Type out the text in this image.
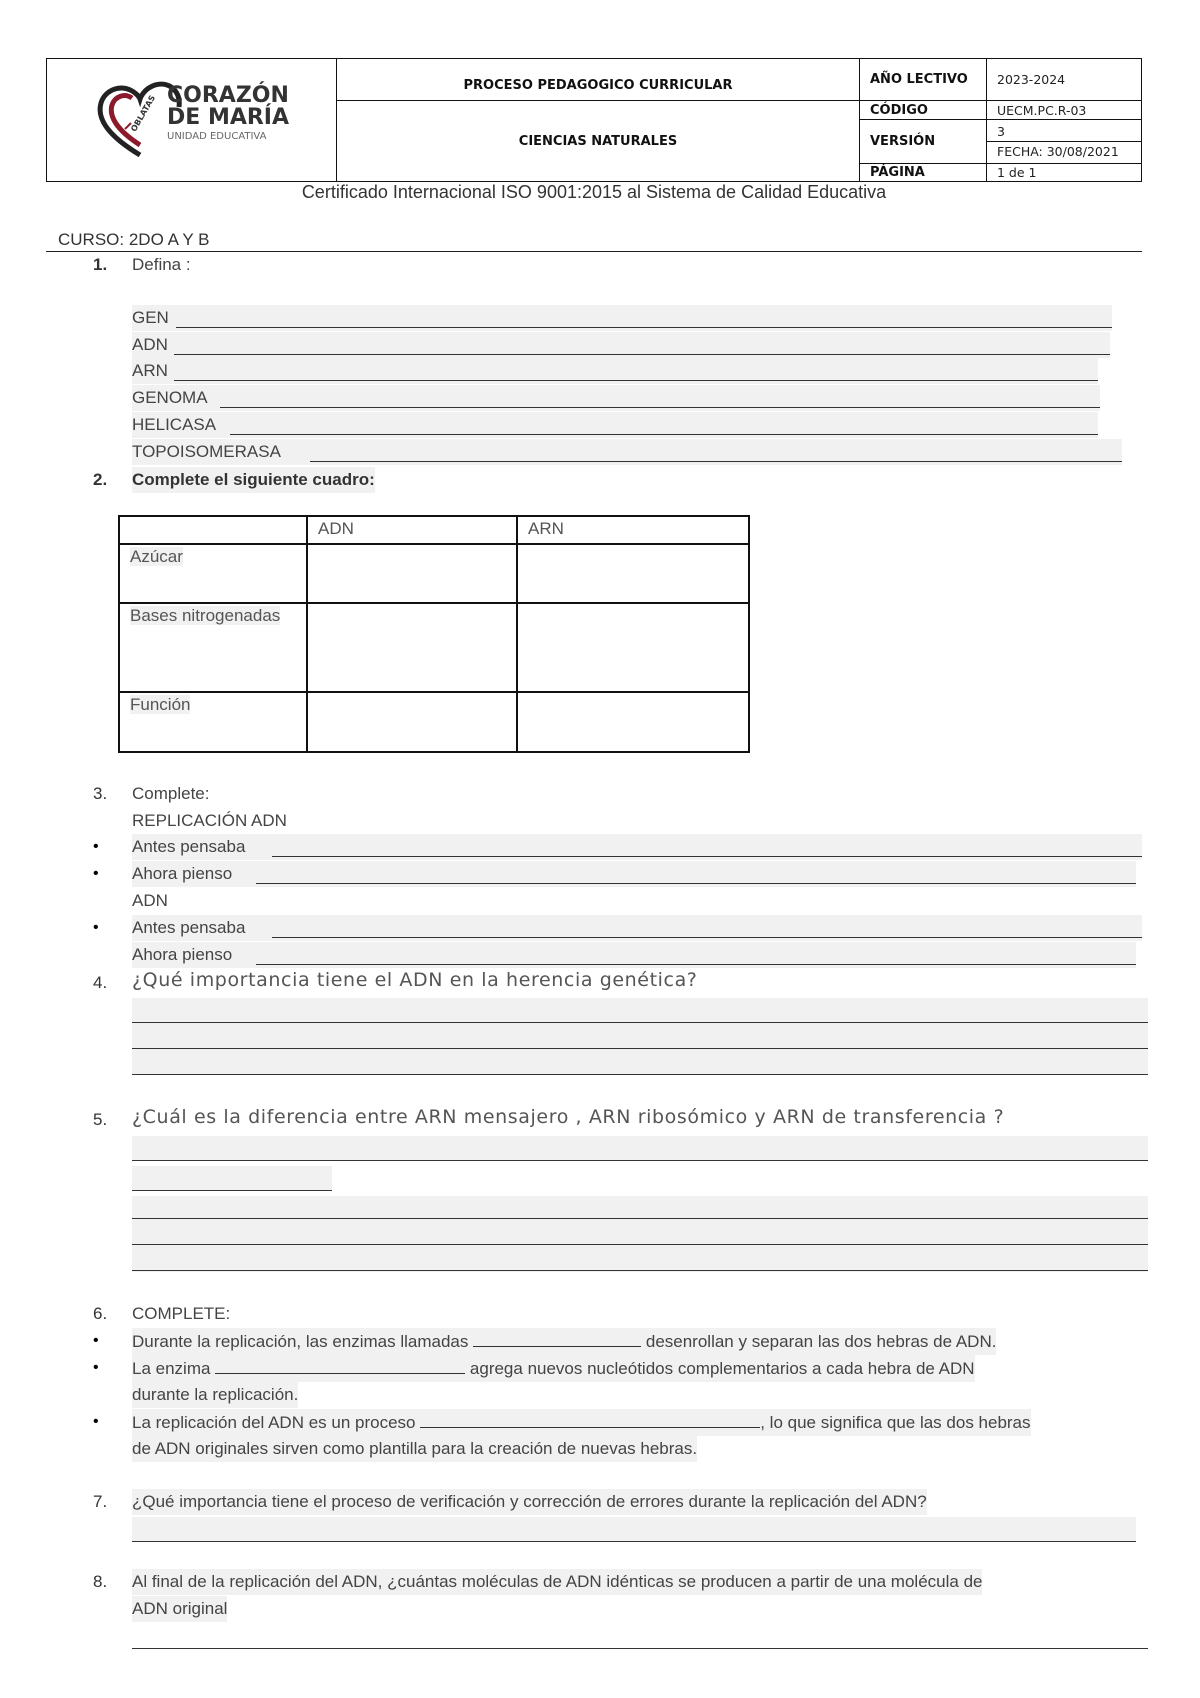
OBLATAS CORAZÓN
DE MARÍA
UNIDAD EDUCATIVA	PROCESO PEDAGOGICO CURRICULAR	AÑO LECTIVO	2023-2024
	CIENCIAS NATURALES	CÓDIGO	UECM.PC.R-03
		VERSIÓN	3
FECHA: 30/08/2021

		PÁGINA	1 de 1
Certificado Internacional ISO 9001:2015 al Sistema de Calidad Educativa
CURSO: 2DO A Y B
1. Defina :
GEN
ADN
ARN
GENOMA
HELICASA
TOPOISOMERASA
2. Complete el siguiente cuadro:
	ADN	ARN
Azúcar		
Bases nitrogenadas		
Función		
3. Complete:
REPLICACIÓN ADN
• Antes pensaba
• Ahora pienso
ADN
• Antes pensaba
Ahora pienso
4. ¿Qué importancia tiene el ADN en la herencia genética?
5. ¿Cuál es la diferencia entre ARN mensajero , ARN ribosómico y ARN de transferencia ?
6. COMPLETE:
• Durante la replicación, las enzimas llamadas	desenrollan y separan las dos hebras de ADN.
• La enzima	agrega nuevos nucleótidos complementarios a cada hebra de ADN
durante la replicación.
• La replicación del ADN es un proceso	, lo que significa que las dos hebras
de ADN originales sirven como plantilla para la creación de nuevas hebras.
7. ¿Qué importancia tiene el proceso de verificación y corrección de errores durante la replicación del ADN?
8. Al final de la replicación del ADN, ¿cuántas moléculas de ADN idénticas se producen a partir de una molécula de
ADN original
